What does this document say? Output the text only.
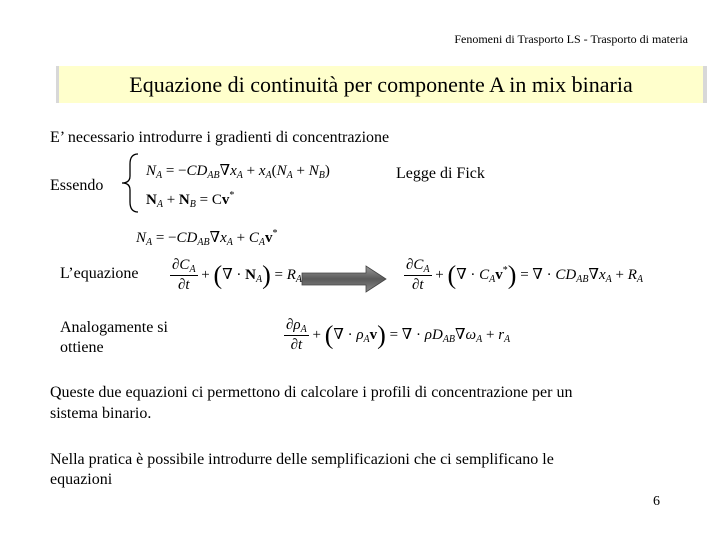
Fenomeni di Trasporto LS - Trasporto di materia
Equazione di continuità per componente A in mix binaria
E’ necessario introdurre i gradienti di concentrazione
Essendo
$N_A = -CD_{AB}\nabla x_A + x_A(N_A + N_B)$
$N_A + N_B = Cv^*$
Legge di Fick
$N_A = -CD_{AB}\nabla x_A + C_Av^*$
L’equazione $\frac{\partial C_A}{\partial t}$ + (∇ · $N_A) = R_A$	$\frac{\partial C_A}{\partial t}$ + (∇ · $C_Av^*$) = ∇ · $CD_{AB}\nabla x_A + R_A$
Analogamente si
ottiene	$\frac{\partial\rho_A}{\partial t}$ + (∇ · $\rho_Av$) = ∇ · $\rho D_{AB}\nabla\omega_A + r_A$
Queste due equazioni ci permettono di calcolare i profili di concentrazione per un
sistema binario.
Nella pratica è possibile introdurre delle semplificazioni che ci semplificano le
equazioni
6
